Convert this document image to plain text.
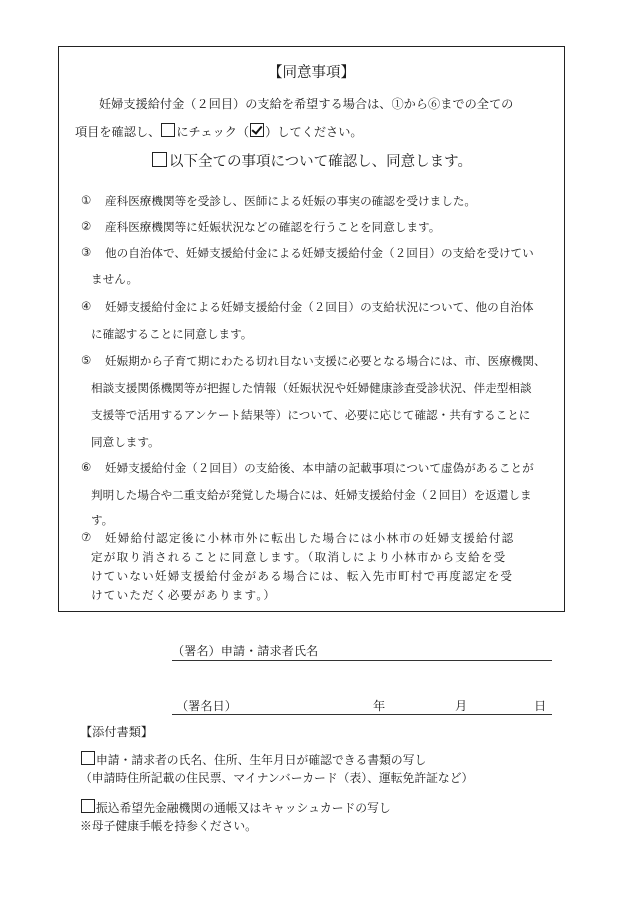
【同意事項】
妊婦支援給付金（２回目）の支給を希望する場合は、①から⑥までの全ての
項目を確認し、 にチェック（ ）してください。
以下全ての事項について確認し、同意します。
① 産科医療機関等を受診し、医師による妊娠の事実の確認を受けました。
② 産科医療機関等に妊娠状況などの確認を行うことを同意します。
③ 他の自治体で、妊婦支援給付金による妊婦支援給付金（２回目）の支給を受けてい
ません。
④ 妊婦支援給付金による妊婦支援給付金（２回目）の支給状況について、他の自治体
に確認することに同意します。
⑤ 妊娠期から子育て期にわたる切れ目ない支援に必要となる場合には、市、医療機関、
相談支援関係機関等が把握した情報（妊娠状況や妊婦健康診査受診状況、伴走型相談
支援等で活用するアンケート結果等）について、必要に応じて確認・共有することに
同意します。
⑥ 妊婦支援給付金（２回目）の支給後、本申請の記載事項について虚偽があることが
判明した場合や二重支給が発覚した場合には、妊婦支援給付金（２回目）を返還しま
す。
⑦ 妊婦給付認定後に小林市外に転出した場合には小林市の妊婦支援給付認
定が取り消されることに同意します。（取消しにより小林市から支給を受
けていない妊婦支援給付金がある場合には、転入先市町村で再度認定を受
けていただく必要があります。）
（署名）申請・請求者氏名
（署名日）	年	月	日
【添付書類】
申請・請求者の氏名、住所、生年月日が確認できる書類の写し
（申請時住所記載の住民票、マイナンバーカード（表）、運転免許証など）
振込希望先金融機関の通帳又はキャッシュカードの写し
※母子健康手帳を持参ください。
